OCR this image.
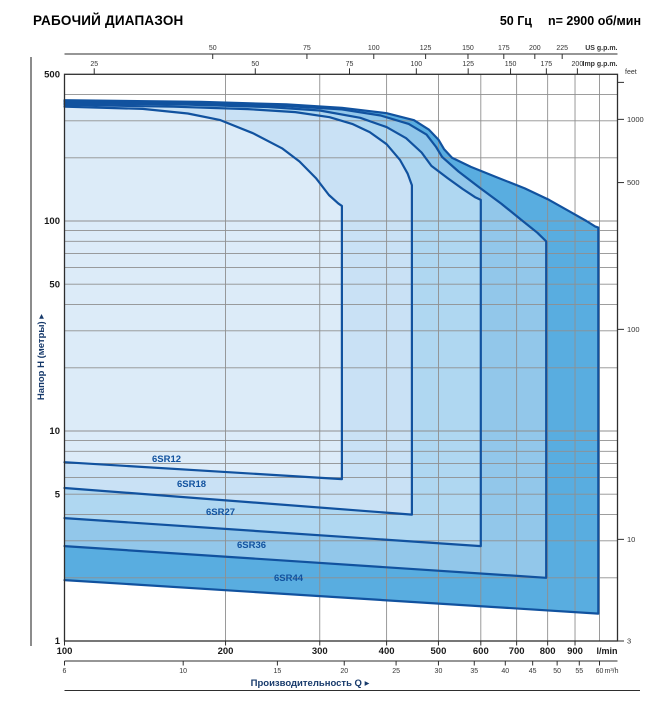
РАБОЧИЙ ДИАПАЗОН	50 Гц n= 2900 об/мин
50	75	100	125	150	175	200 225 US g.p.m.
25	50	75	100	125	150	175	200 Imp g.p.m.
500
100
50
10
5
1
feet
1000
500
100
10
3
100	200	300	400	500	600 700 800 900 l/min
6	10	15	20	25	30	35	40	45 50 55 60 m³/h
6SR12
6SR18
6SR27
6SR36
6SR44
Производительность Q ▸
Напор Н (метры) ▸
